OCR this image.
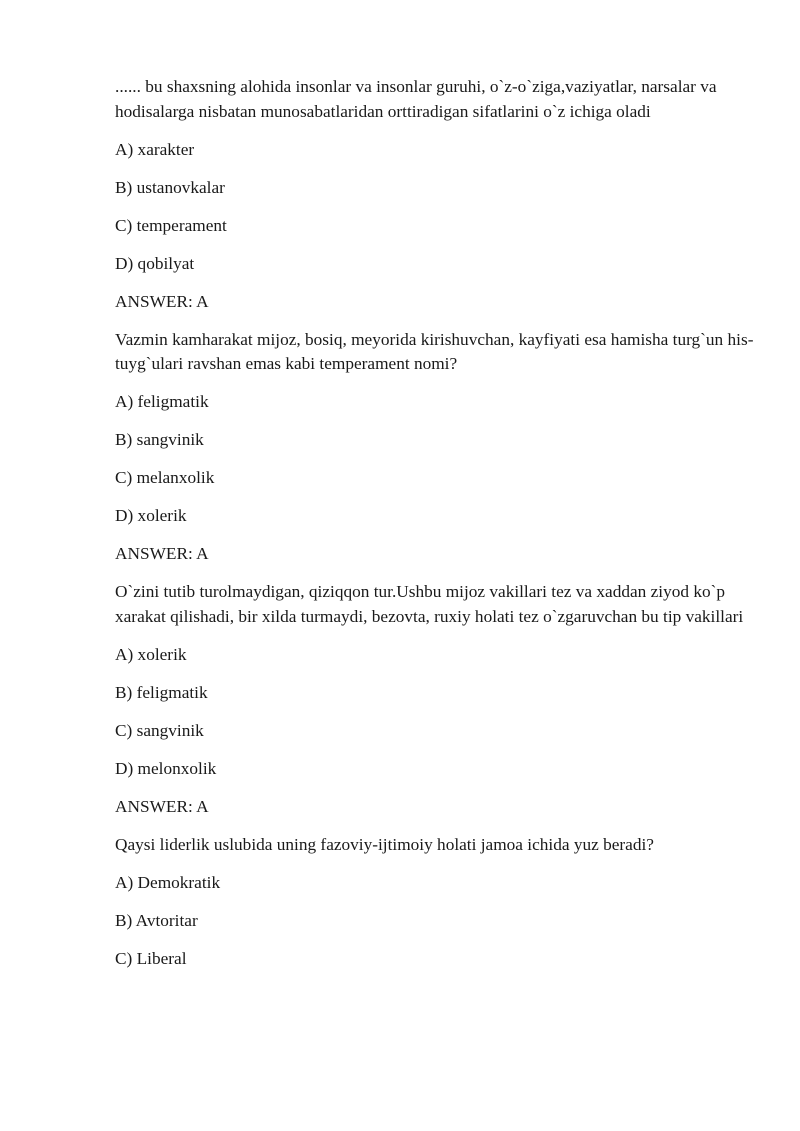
...... bu shaxsning alohida insonlar va insonlar guruhi, o`z-o`ziga,vaziyatlar, narsalar va hodisalarga nisbatan munosabatlaridan orttiradigan sifatlarini o`z ichiga oladi

A) xarakter

B) ustanovkalar

C) temperament

D) qobilyat

ANSWER: A

Vazmin kamharakat mijoz, bosiq, meyorida kirishuvchan, kayfiyati esa hamisha turg`un his-tuyg`ulari ravshan emas kabi temperament nomi?

A) feligmatik

B) sangvinik

C) melanxolik

D) xolerik

ANSWER: A

O`zini tutib turolmaydigan, qiziqqon tur.Ushbu mijoz vakillari tez va xaddan ziyod ko`p xarakat qilishadi, bir xilda turmaydi, bezovta, ruxiy holati tez o`zgaruvchan bu tip vakillari

A) xolerik

B) feligmatik

C) sangvinik

D) melonxolik

ANSWER: A

Qaysi liderlik uslubida uning fazoviy-ijtimoiy holati jamoa ichida yuz beradi?

A) Demokratik

B) Avtoritar

C) Liberal
